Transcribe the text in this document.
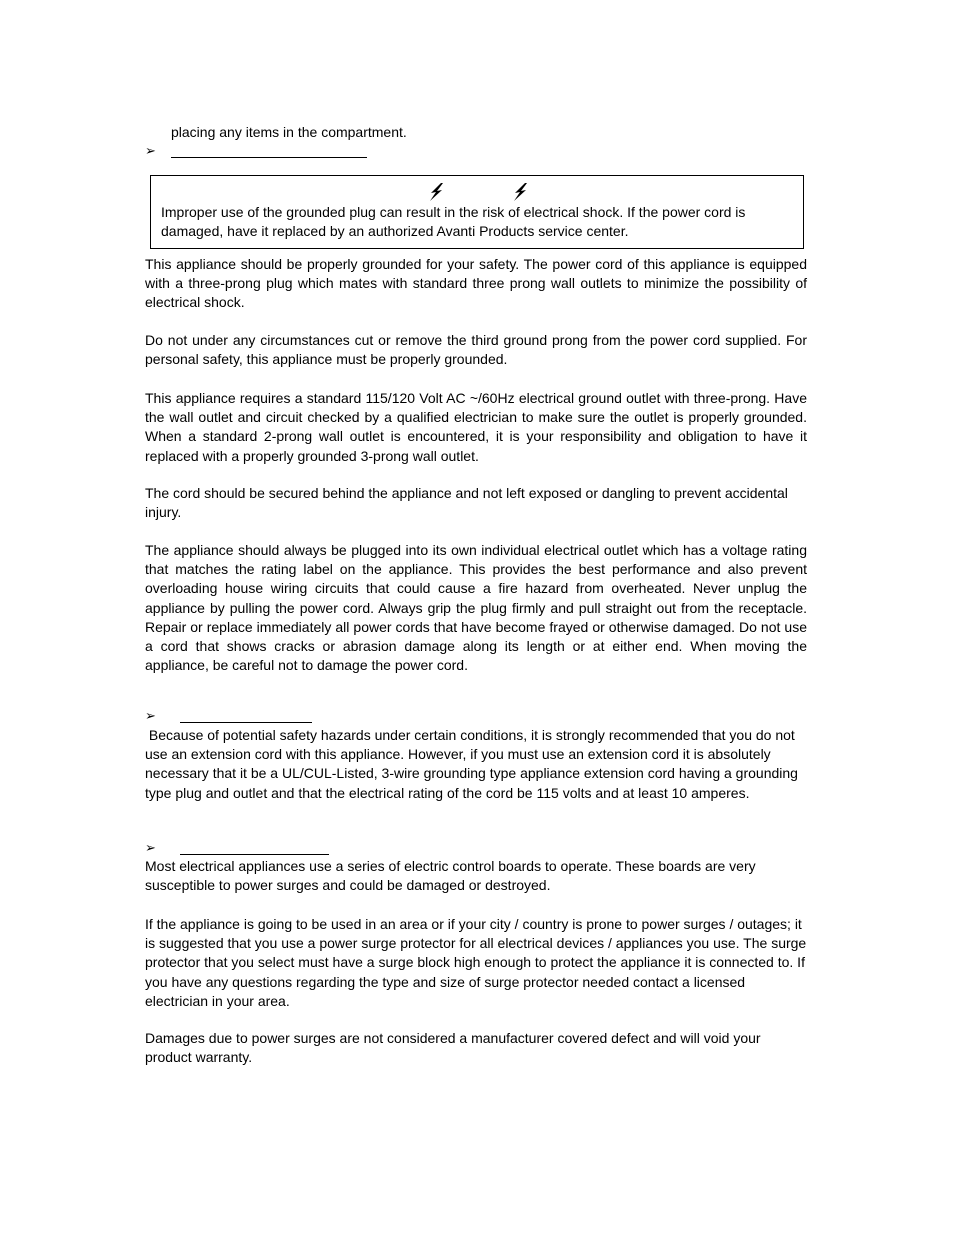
placing any items in the compartment.
➢
Improper use of the grounded plug can result in the risk of electrical shock. If the power cord is damaged, have it replaced by an authorized Avanti Products service center.
This appliance should be properly grounded for your safety. The power cord of this appliance is equipped with a three-prong plug which mates with standard three prong wall outlets to minimize the possibility of electrical shock.
Do not under any circumstances cut or remove the third ground prong from the power cord supplied. For personal safety, this appliance must be properly grounded.
This appliance requires a standard 115/120 Volt AC ~/60Hz electrical ground outlet with three-prong. Have the wall outlet and circuit checked by a qualified electrician to make sure the outlet is properly grounded. When a standard 2-prong wall outlet is encountered, it is your responsibility and obligation to have it replaced with a properly grounded 3-prong wall outlet.
The cord should be secured behind the appliance and not left exposed or dangling to prevent accidental injury.
The appliance should always be plugged into its own individual electrical outlet which has a voltage rating that matches the rating label on the appliance. This provides the best performance and also prevent overloading house wiring circuits that could cause a fire hazard from overheated. Never unplug the appliance by pulling the power cord. Always grip the plug firmly and pull straight out from the receptacle. Repair or replace immediately all power cords that have become frayed or otherwise damaged. Do not use a cord that shows cracks or abrasion damage along its length or at either end. When moving the appliance, be careful not to damage the power cord.
➢
Because of potential safety hazards under certain conditions, it is strongly recommended that you do not use an extension cord with this appliance. However, if you must use an extension cord it is absolutely necessary that it be a UL/CUL-Listed, 3-wire grounding type appliance extension cord having a grounding type plug and outlet and that the electrical rating of the cord be 115 volts and at least 10 amperes.
➢
Most electrical appliances use a series of electric control boards to operate. These boards are very susceptible to power surges and could be damaged or destroyed.
If the appliance is going to be used in an area or if your city / country is prone to power surges / outages; it is suggested that you use a power surge protector for all electrical devices / appliances you use. The surge protector that you select must have a surge block high enough to protect the appliance it is connected to. If you have any questions regarding the type and size of surge protector needed contact a licensed electrician in your area.
Damages due to power surges are not considered a manufacturer covered defect and will void your product warranty.
